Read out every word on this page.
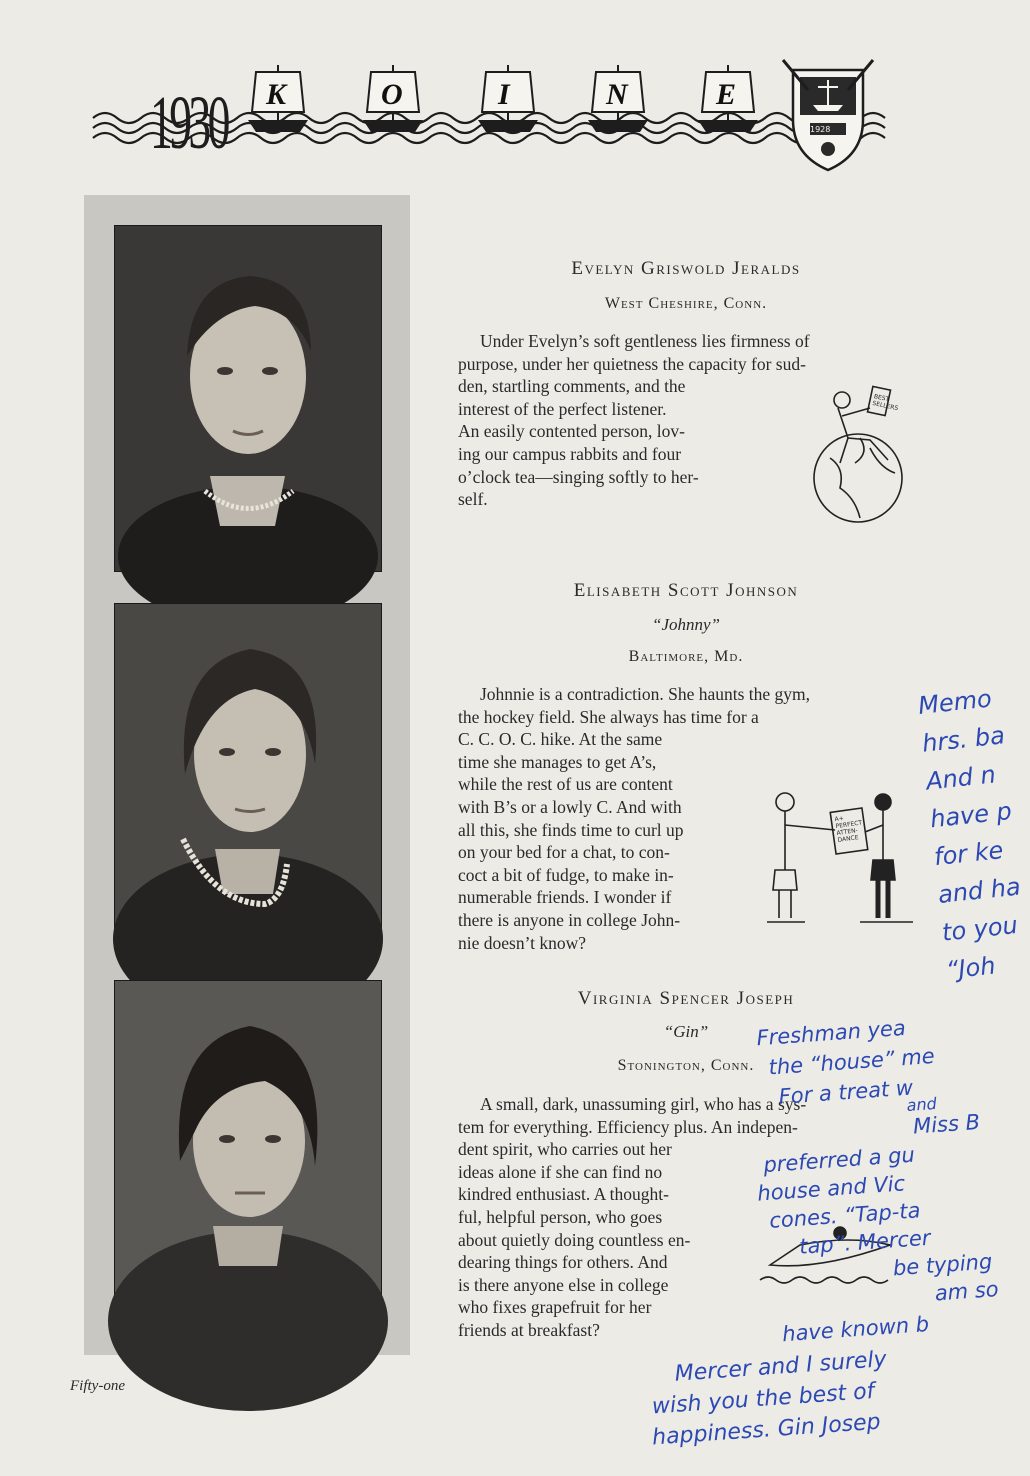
1930 K	O	I	N	E
1928
Evelyn Griswold Jeralds
West Cheshire, Conn.
Under Evelyn’s soft gentleness lies firmness of
purpose, under her quietness the capacity for sud-
den, startling comments, and the
interest of the perfect listener.
An easily contented person, lov-
ing our campus rabbits and four
o’clock tea—singing softly to her-
self.
BEST SELLERS
Elisabeth Scott Johnson
“Johnny”
Baltimore, Md.
Johnnie is a contradiction. She haunts the gym,
the hockey field. She always has time for a
C. C. O. C. hike. At the same
time she manages to get A’s,
while the rest of us are content
with B’s or a lowly C. And with
all this, she finds time to curl up
on your bed for a chat, to con-
coct a bit of fudge, to make in-
numerable friends. I wonder if
there is anyone in college John-
nie doesn’t know?
A+ PERFECT ATTEN-DANCE
Virginia Spencer Joseph
“Gin”
Stonington, Conn.
A small, dark, unassuming girl, who has a sys-
tem for everything. Efficiency plus. An indepen-
dent spirit, who carries out her
ideas alone if she can find no
kindred enthusiast. A thought-
ful, helpful person, who goes
about quietly doing countless en-
dearing things for others. And
is there anyone else in college
who fixes grapefruit for her
friends at breakfast?
Memo
hrs. ba
And n
have p
for ke
and ha
to you
“Joh
Freshman yea
the “house” me
For a treat w
and
Miss B
preferred a gu
house and Vic
cones. “Tap-ta
tap”. Mercer
be typing
am so
have known b
Mercer and I surely
wish you the best of
happiness. Gin Josep
Fifty-one
